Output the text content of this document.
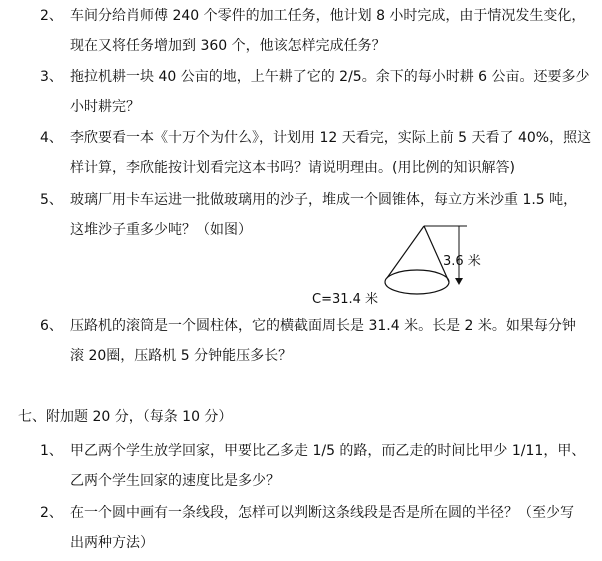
2、 车间分给肖师傅 240 个零件的加工任务，他计划 8 小时完成，由于情况发生变化，
现在又将任务增加到 360 个，他该怎样完成任务？
3、 拖拉机耕一块 40 公亩的地，上午耕了它的 2/5。余下的每小时耕 6 公亩。还要多少
小时耕完？
4、 李欣要看一本《十万个为什么》，计划用 12 天看完，实际上前 5 天看了 40%，照这
样计算，李欣能按计划看完这本书吗？请说明理由。(用比例的知识解答)
5、 玻璃厂用卡车运进一批做玻璃用的沙子，堆成一个圆锥体，每立方米沙重 1.5 吨，
这堆沙子重多少吨？（如图）
3.6 米
C=31.4 米
6、 压路机的滚筒是一个圆柱体，它的横截面周长是 31.4 米。长是 2 米。如果每分钟
滚 20圈，压路机 5 分钟能压多长？
七、附加题 20 分，（每条 10 分）
1、 甲乙两个学生放学回家，甲要比乙多走 1/5 的路，而乙走的时间比甲少 1/11，甲、
乙两个学生回家的速度比是多少？
2、 在一个圆中画有一条线段，怎样可以判断这条线段是否是所在圆的半径？（至少写
出两种方法）
